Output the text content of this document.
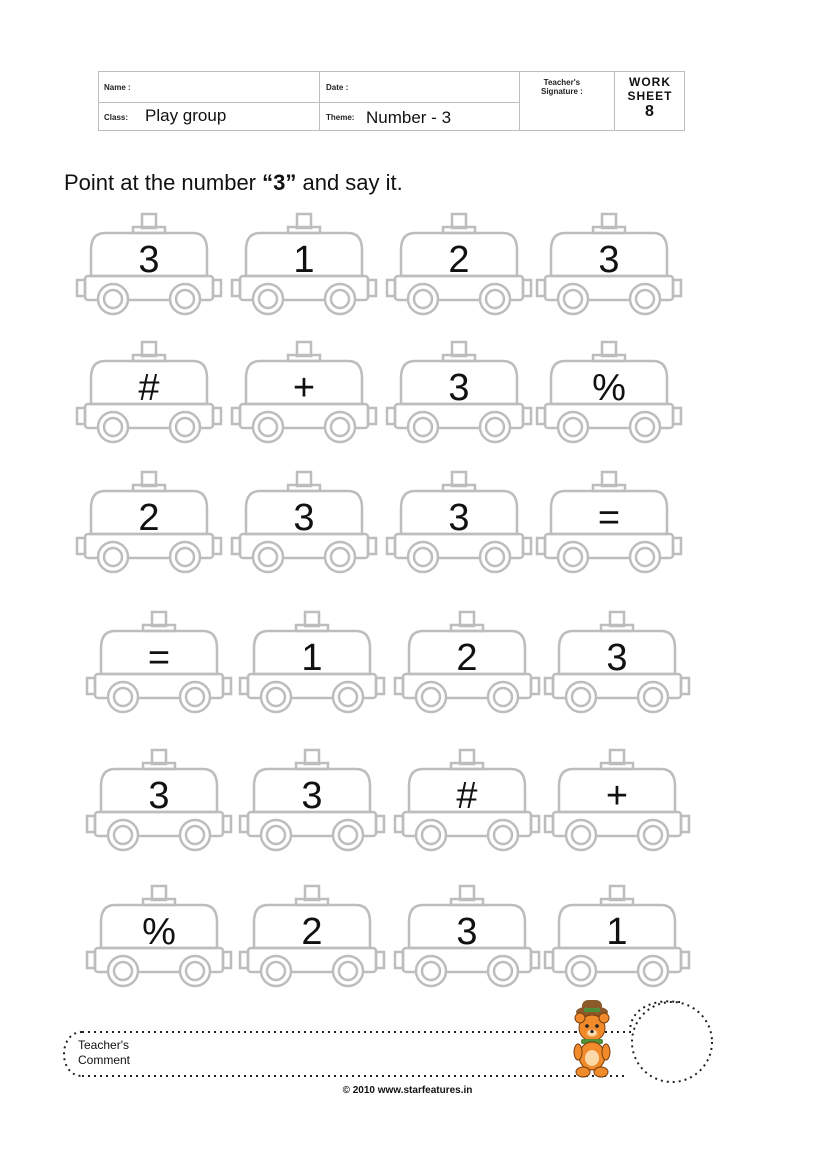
Name :	Date :
Teacher's
Signature :
WORK
SHEET
8
Class: Play group	Theme: Number - 3
Point at the number “3” and say it.
3	1	2	3
#	+	3	%
2	3	3	=
=	1	2	3
3	3	#	+
%	2	3	1
Teacher's
Comment
© 2010 www.starfeatures.in
